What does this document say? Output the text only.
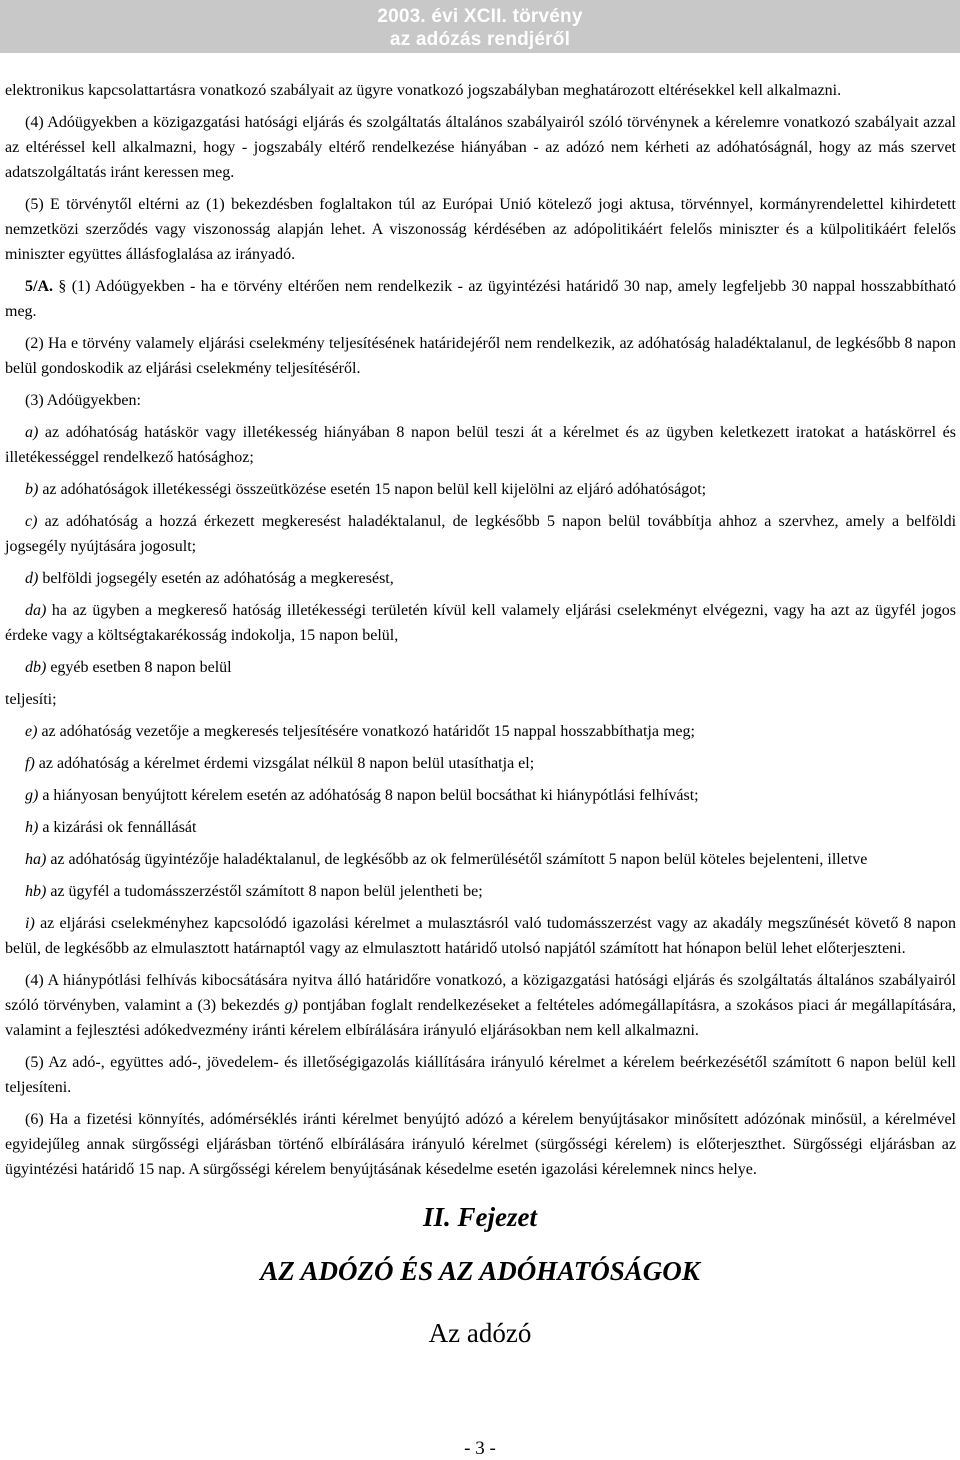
2003. évi XCII. törvény
az adózás rendjéről

elektronikus kapcsolattartásra vonatkozó szabályait az ügyre vonatkozó jogszabályban meghatározott eltérésekkel kell alkalmazni.

(4) Adóügyekben a közigazgatási hatósági eljárás és szolgáltatás általános szabályairól szóló törvénynek a kérelemre vonatkozó szabályait azzal az eltéréssel kell alkalmazni, hogy - jogszabály eltérő rendelkezése hiányában - az adózó nem kérheti az adóhatóságnál, hogy az más szervet adatszolgáltatás iránt keressen meg.

(5) E törvénytől eltérni az (1) bekezdésben foglaltakon túl az Európai Unió kötelező jogi aktusa, törvénnyel, kormányrendelettel kihirdetett nemzetközi szerződés vagy viszonosság alapján lehet. A viszonosság kérdésében az adópolitikáért felelős miniszter és a külpolitikáért felelős miniszter együttes állásfoglalása az irányadó.

5/A. § (1) Adóügyekben - ha e törvény eltérően nem rendelkezik - az ügyintézési határidő 30 nap, amely legfeljebb 30 nappal hosszabbítható meg.

(2) Ha e törvény valamely eljárási cselekmény teljesítésének határidejéről nem rendelkezik, az adóhatóság haladéktalanul, de legkésőbb 8 napon belül gondoskodik az eljárási cselekmény teljesítéséről.

(3) Adóügyekben:

a) az adóhatóság hatáskör vagy illetékesség hiányában 8 napon belül teszi át a kérelmet és az ügyben keletkezett iratokat a hatáskörrel és illetékességgel rendelkező hatósághoz;

b) az adóhatóságok illetékességi összeütközése esetén 15 napon belül kell kijelölni az eljáró adóhatóságot;

c) az adóhatóság a hozzá érkezett megkeresést haladéktalanul, de legkésőbb 5 napon belül továbbítja ahhoz a szervhez, amely a belföldi jogsegély nyújtására jogosult;

d) belföldi jogsegély esetén az adóhatóság a megkeresést,

da) ha az ügyben a megkereső hatóság illetékességi területén kívül kell valamely eljárási cselekményt elvégezni, vagy ha azt az ügyfél jogos érdeke vagy a költségtakarékosság indokolja, 15 napon belül,

db) egyéb esetben 8 napon belül

teljesíti;

e) az adóhatóság vezetője a megkeresés teljesítésére vonatkozó határidőt 15 nappal hosszabbíthatja meg;

f) az adóhatóság a kérelmet érdemi vizsgálat nélkül 8 napon belül utasíthatja el;

g) a hiányosan benyújtott kérelem esetén az adóhatóság 8 napon belül bocsáthat ki hiánypótlási felhívást;

h) a kizárási ok fennállását

ha) az adóhatóság ügyintézője haladéktalanul, de legkésőbb az ok felmerülésétől számított 5 napon belül köteles bejelenteni, illetve

hb) az ügyfél a tudomásszerzéstől számított 8 napon belül jelentheti be;

i) az eljárási cselekményhez kapcsolódó igazolási kérelmet a mulasztásról való tudomásszerzést vagy az akadály megszűnését követő 8 napon belül, de legkésőbb az elmulasztott határnaptól vagy az elmulasztott határidő utolsó napjától számított hat hónapon belül lehet előterjeszteni.

(4) A hiánypótlási felhívás kibocsátására nyitva álló határidőre vonatkozó, a közigazgatási hatósági eljárás és szolgáltatás általános szabályairól szóló törvényben, valamint a (3) bekezdés g) pontjában foglalt rendelkezéseket a feltételes adómegállapításra, a szokásos piaci ár megállapítására, valamint a fejlesztési adókedvezmény iránti kérelem elbírálására irányuló eljárásokban nem kell alkalmazni.

(5) Az adó-, együttes adó-, jövedelem- és illetőségigazolás kiállítására irányuló kérelmet a kérelem beérkezésétől számított 6 napon belül kell teljesíteni.

(6) Ha a fizetési könnyítés, adómérséklés iránti kérelmet benyújtó adózó a kérelem benyújtásakor minősített adózónak minősül, a kérelmével egyidejűleg annak sürgősségi eljárásban történő elbírálására irányuló kérelmet (sürgősségi kérelem) is előterjeszthet. Sürgősségi eljárásban az ügyintézési határidő 15 nap. A sürgősségi kérelem benyújtásának késedelme esetén igazolási kérelemnek nincs helye.

II. Fejezet
AZ ADÓZÓ ÉS AZ ADÓHATÓSÁGOK
Az adózó
- 3 -
